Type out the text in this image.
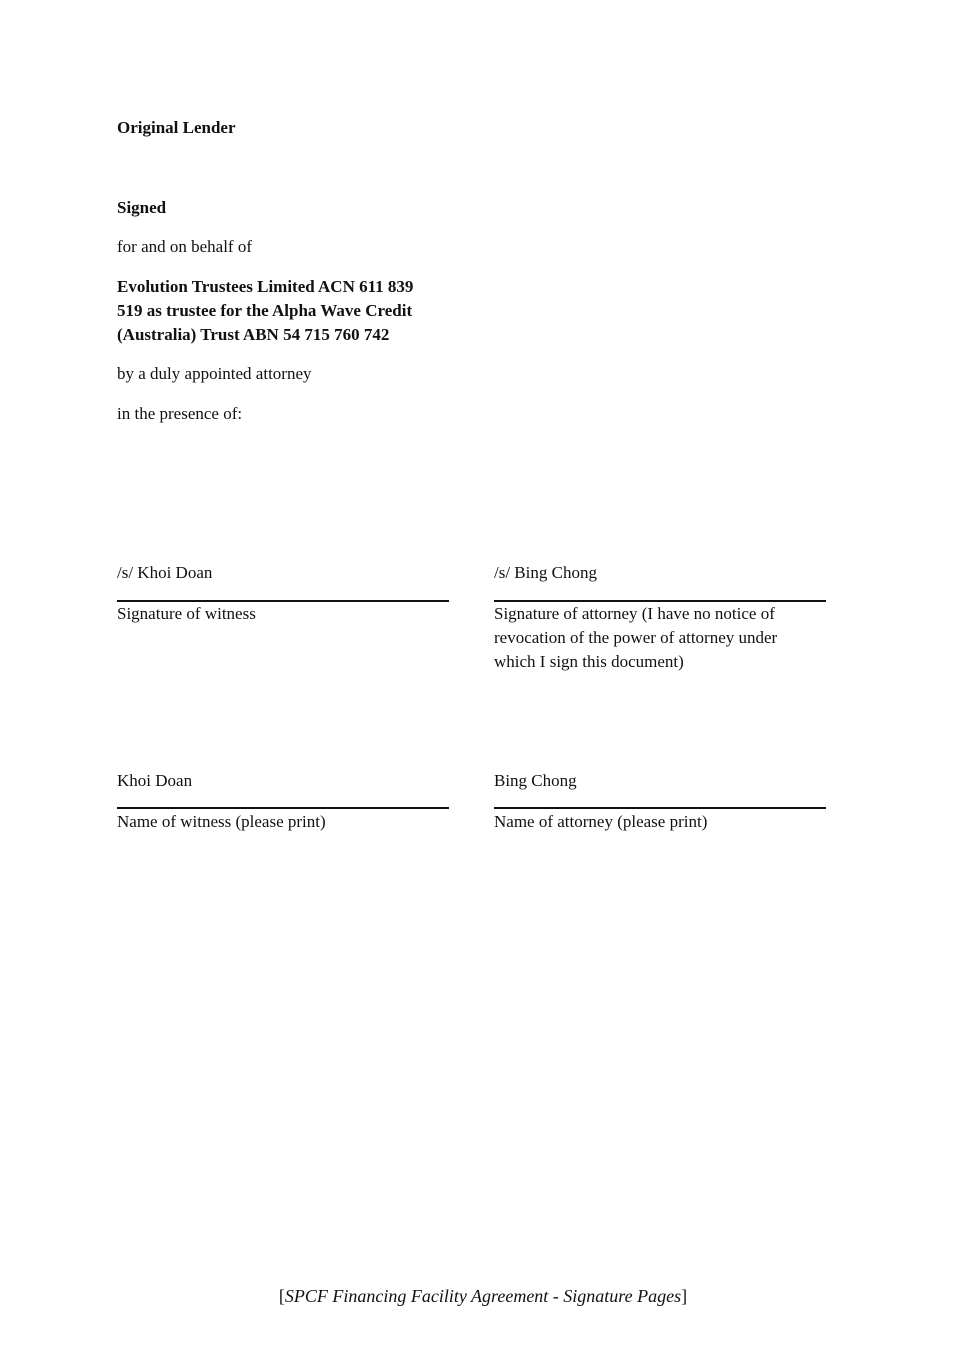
Original Lender
Signed
for and on behalf of
Evolution Trustees Limited ACN 611 839
519 as trustee for the Alpha Wave Credit
(Australia) Trust ABN 54 715 760 742
by a duly appointed attorney
in the presence of:
/s/ Khoi Doan
Signature of witness
/s/ Bing Chong
Signature of attorney (I have no notice of
revocation of the power of attorney under
which I sign this document)
Khoi Doan
Name of witness (please print)
Bing Chong
Name of attorney (please print)
[SPCF Financing Facility Agreement - Signature Pages]
